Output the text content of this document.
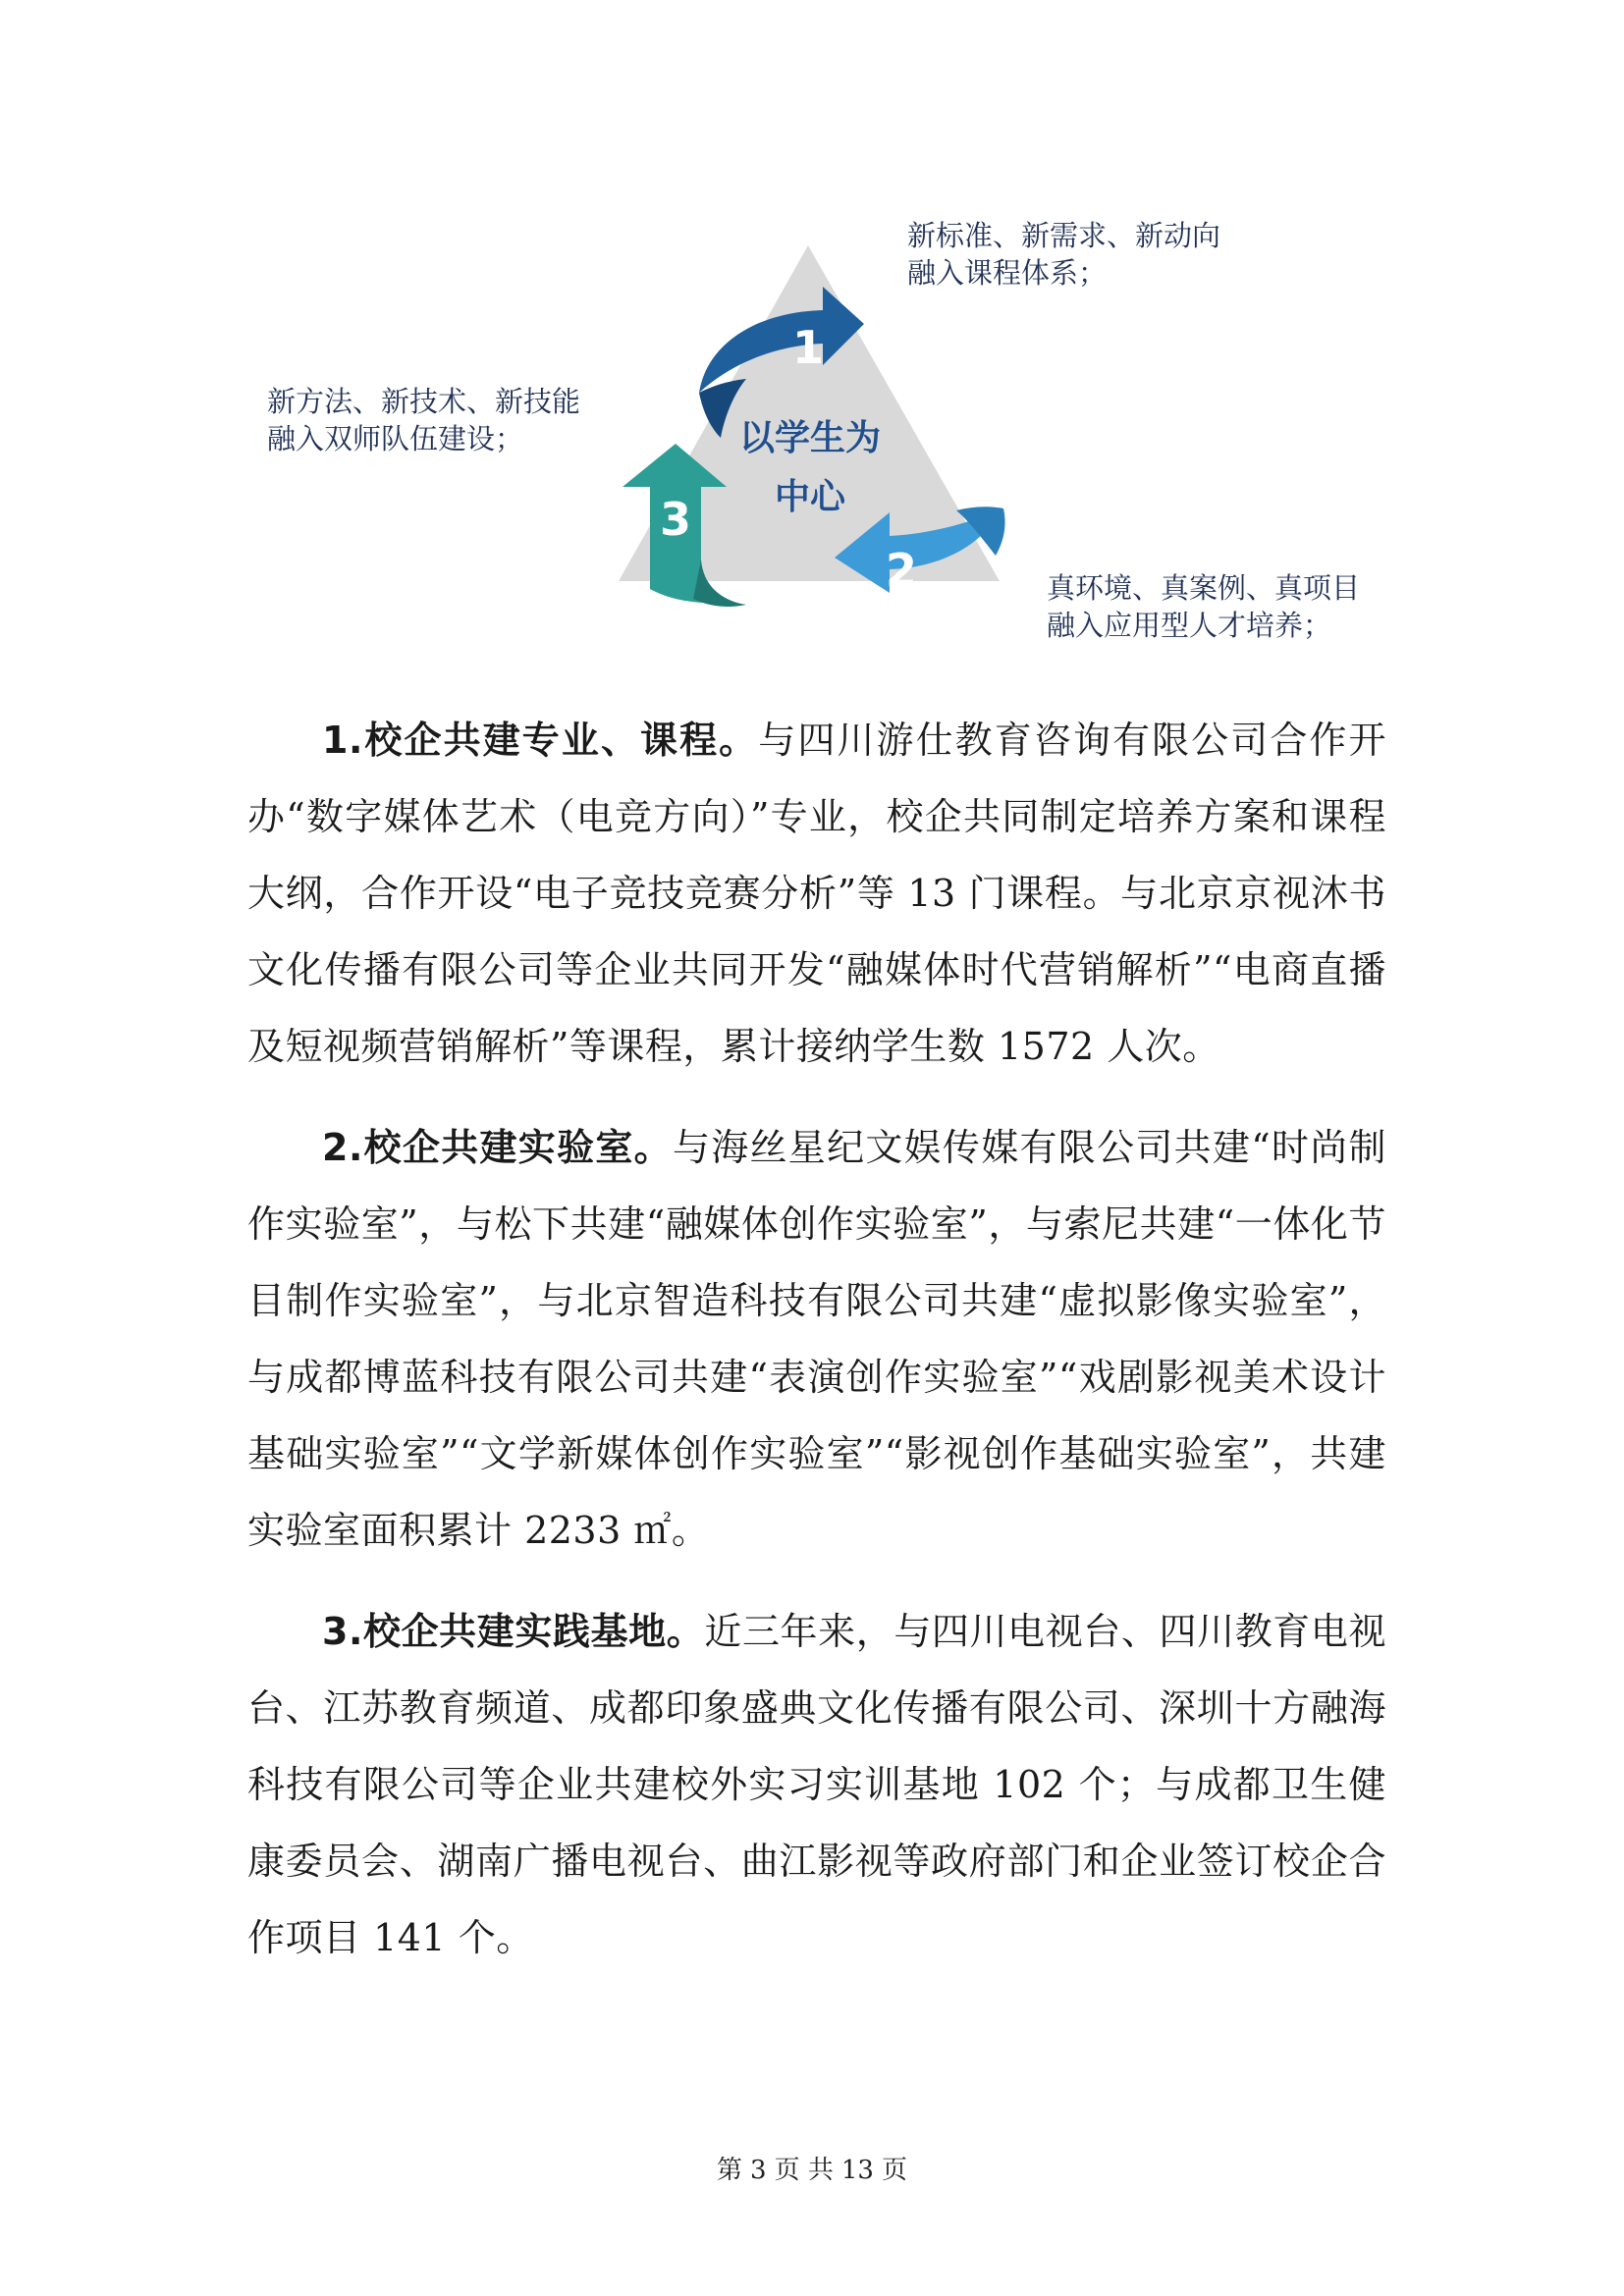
1
2
3
以学生为
中心
新标准、新需求、新动向
融入课程体系；
新方法、新技术、新技能
融入双师队伍建设；
真环境、真案例、真项目
融入应用型人才培养；

1.校企共建专业、课程。与四川游仕教育咨询有限公司合作开办“数字媒体艺术（电竞方向）”专业，校企共同制定培养方案和课程大纲，合作开设“电子竞技竞赛分析”等 13 门课程。与北京京视沐书文化传播有限公司等企业共同开发“融媒体时代营销解析”“电商直播及短视频营销解析”等课程，累计接纳学生数 1572 人次。

2.校企共建实验室。与海丝星纪文娱传媒有限公司共建“时尚制作实验室”，与松下共建“融媒体创作实验室”，与索尼共建“一体化节目制作实验室”，与北京智造科技有限公司共建“虚拟影像实验室”，与成都博蓝科技有限公司共建“表演创作实验室”“戏剧影视美术设计基础实验室”“文学新媒体创作实验室”“影视创作基础实验室”，共建实验室面积累计 2233 ㎡。

3.校企共建实践基地。近三年来，与四川电视台、四川教育电视台、江苏教育频道、成都印象盛典文化传播有限公司、深圳十方融海科技有限公司等企业共建校外实习实训基地 102 个；与成都卫生健康委员会、湖南广播电视台、曲江影视等政府部门和企业签订校企合作项目 141 个。

第 3 页 共 13 页
